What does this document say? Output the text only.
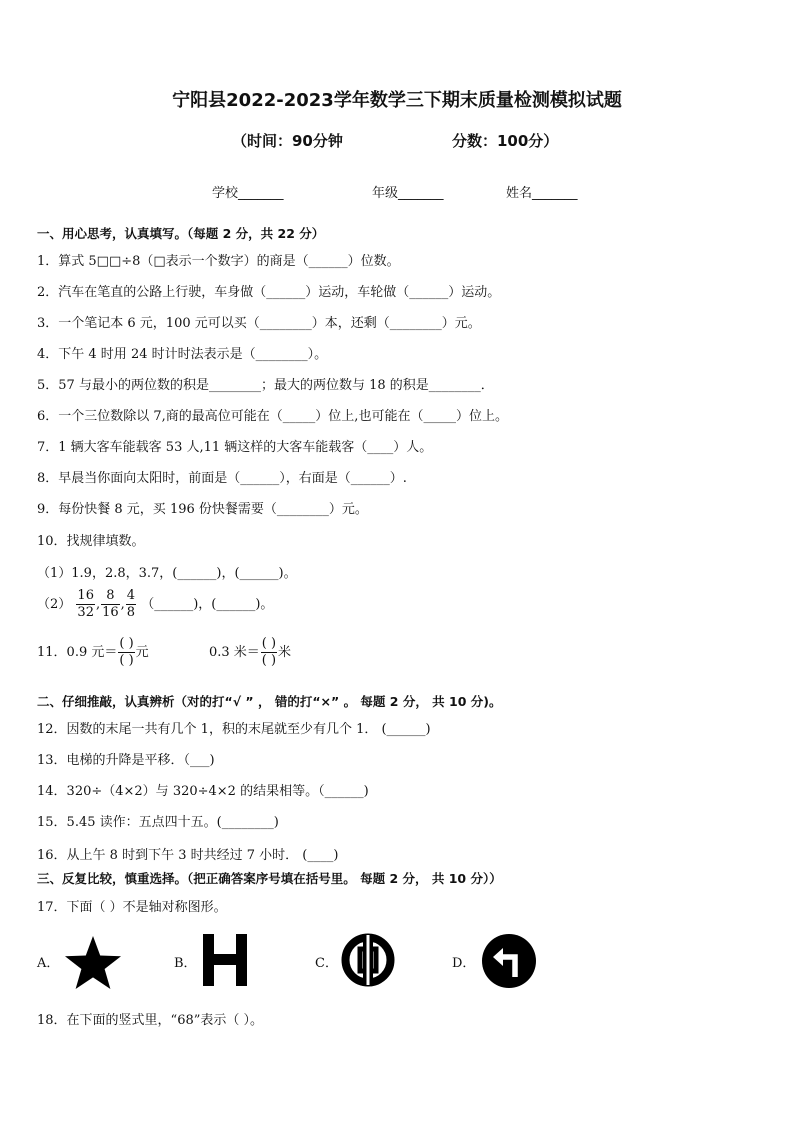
宁阳县2022-2023学年数学三下期末质量检测模拟试题
（时间：90分钟	分数：100分）
学校_______	年级_______	姓名_______
一、用心思考，认真填写。（每题 2 分，共 22 分）
1．算式 5□□÷8（□表示一个数字）的商是（______）位数。
2．汽车在笔直的公路上行驶，车身做（______）运动，车轮做（______）运动。
3．一个笔记本 6 元，100 元可以买（________）本，还剩（________）元。
4．下午 4 时用 24 时计时法表示是（________）。
5．57 与最小的两位数的积是________；最大的两位数与 18 的积是________．
6．一个三位数除以 7,商的最高位可能在（_____）位上,也可能在（_____）位上。
7．1 辆大客车能载客 53 人,11 辆这样的大客车能载客（____）人。
8．早晨当你面向太阳时，前面是（______），右面是（______）.
9．每份快餐 8 元，买 196 份快餐需要（________）元。
10．找规律填数。
（1）1.9，2.8，3.7，(______)，(______)。
$(2) \frac{16}{32}$ , $\frac{8}{16}$ , $\frac{4}{8}$ （______)，(______)。
11．0.9 元＝ $\frac{( )}{( )}$ 元	0.3 米＝ $\frac{( )}{( )}$ 米
二、仔细推敲，认真辨析（对的打“√ ” ， 错的打“×” 。 每题 2 分， 共 10 分)。
12．因数的末尾一共有几个 1，积的末尾就至少有几个 1． (______)
13．电梯的升降是平移．（___)
14．320÷（4×2）与 320÷4×2 的结果相等。（______)
15．5.45 读作：五点四十五。(________)
16．从上午 8 时到下午 3 时共经过 7 小时． (____)
三、反复比较，慎重选择。（把正确答案序号填在括号里。 每题 2 分， 共 10 分））
17．下面（ ）不是轴对称图形。
A．	B．	C．	D．
18．在下面的竖式里，“68”表示（ ）。
